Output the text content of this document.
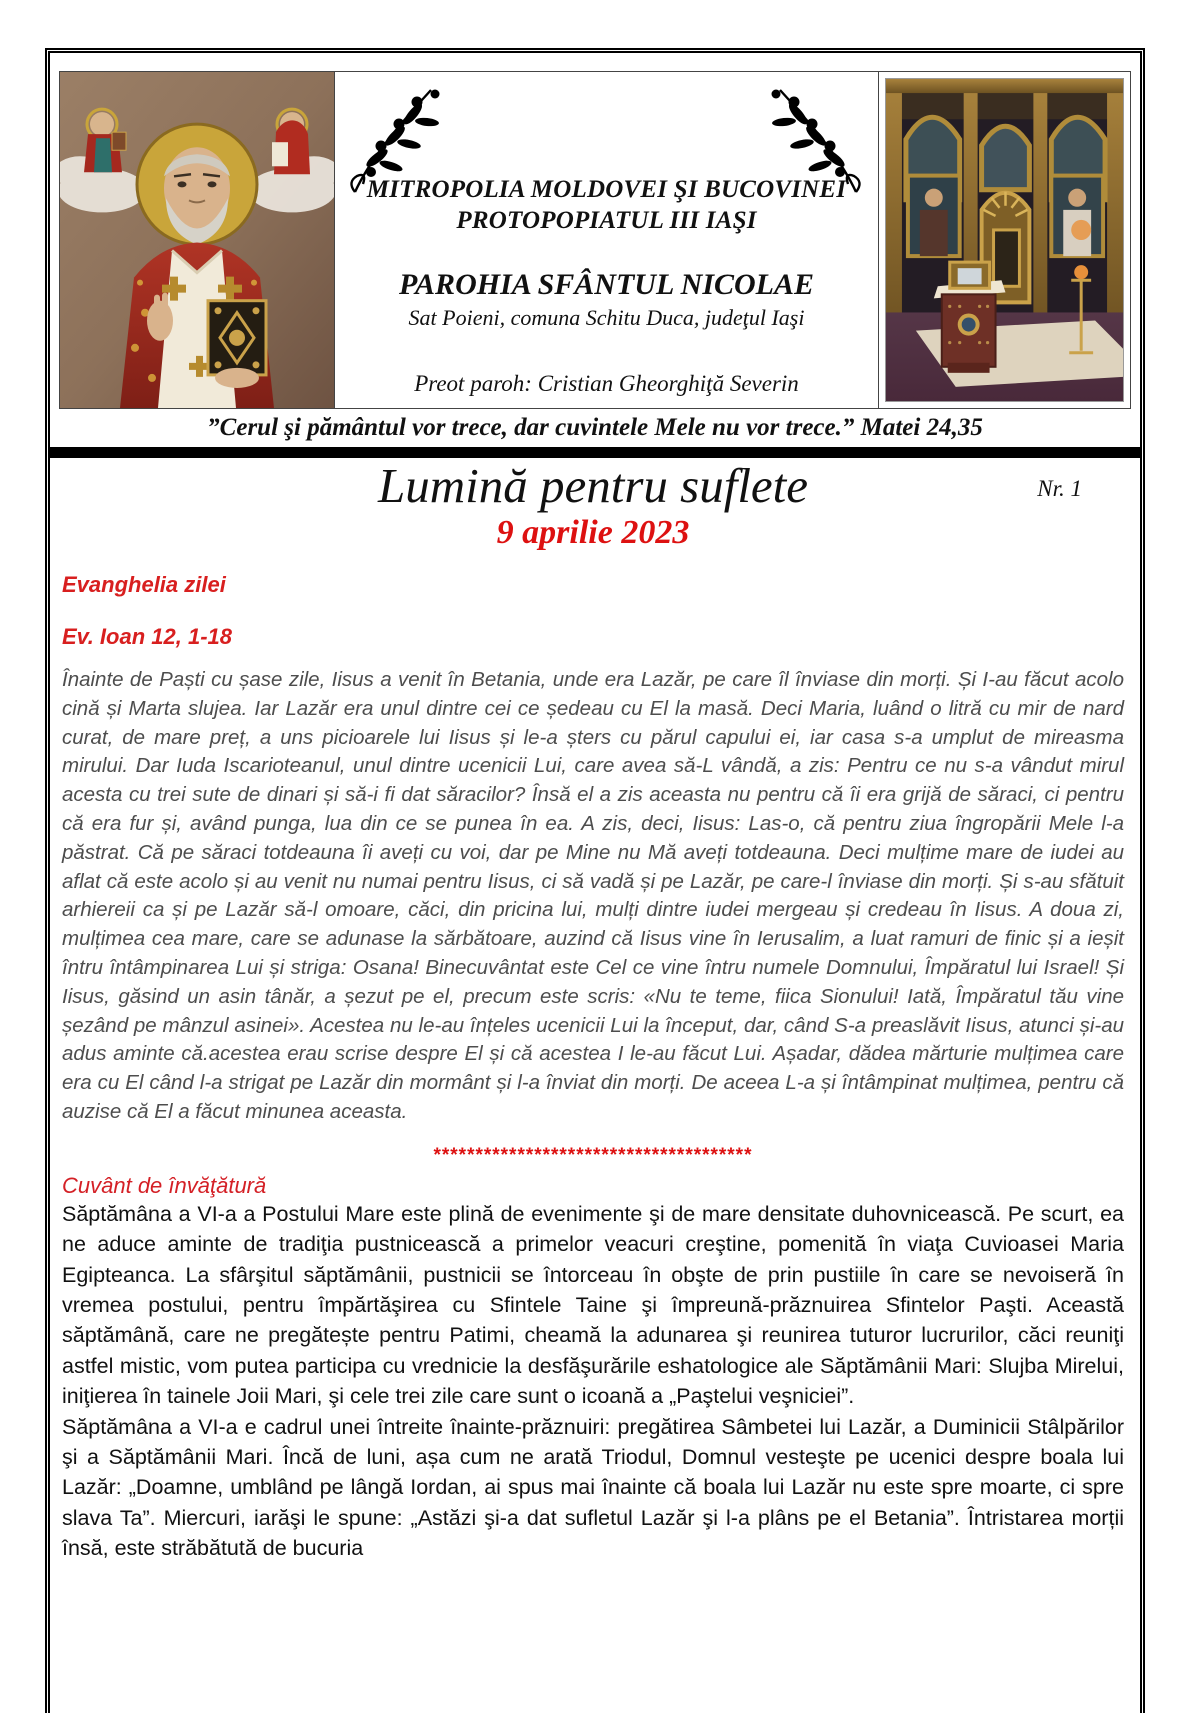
MITROPOLIA MOLDOVEI ŞI BUCOVINEI
PROTOPOPIATUL III IAŞI
PAROHIA SFÂNTUL NICOLAE
Sat Poieni, comuna Schitu Duca, judeţul Iaşi
Preot paroh: Cristian Gheorghiţă Severin
”Cerul şi pământul vor trece, dar cuvintele Mele nu vor trece.” Matei 24,35
Lumină pentru suflete	Nr. 1
9 aprilie 2023
Evanghelia zilei
Ev. Ioan 12, 1-18
Înainte de Paști cu șase zile, Iisus a venit în Betania, unde era Lazăr, pe care îl înviase din morți. Și I-au făcut acolo cină și Marta slujea. Iar Lazăr era unul dintre cei ce ședeau cu El la masă. Deci Maria, luând o litră cu mir de nard curat, de mare preț, a uns picioarele lui Iisus și le-a șters cu părul capului ei, iar casa s-a umplut de mireasma mirului. Dar Iuda Iscarioteanul, unul dintre ucenicii Lui, care avea să-L vândă, a zis: Pentru ce nu s-a vândut mirul acesta cu trei sute de dinari și să-i fi dat săracilor? Însă el a zis aceasta nu pentru că îi era grijă de săraci, ci pentru că era fur și, având punga, lua din ce se punea în ea. A zis, deci, Iisus: Las-o, că pentru ziua îngropării Mele l-a păstrat. Că pe săraci totdeauna îi aveți cu voi, dar pe Mine nu Mă aveți totdeauna. Deci mulțime mare de iudei au aflat că este acolo și au venit nu numai pentru Iisus, ci să vadă și pe Lazăr, pe care-l înviase din morți. Și s-au sfătuit arhiereii ca și pe Lazăr să-l omoare, căci, din pricina lui, mulți dintre iudei mergeau și credeau în Iisus. A doua zi, mulțimea cea mare, care se adunase la sărbătoare, auzind că Iisus vine în Ierusalim, a luat ramuri de finic și a ieșit întru întâmpinarea Lui și striga: Osana! Binecuvântat este Cel ce vine întru numele Domnului, Împăratul lui Israel! Și Iisus, găsind un asin tânăr, a șezut pe el, precum este scris: «Nu te teme, fiica Sionului! Iată, Împăratul tău vine șezând pe mânzul asinei». Acestea nu le-au înțeles ucenicii Lui la început, dar, când S-a preaslăvit Iisus, atunci și-au adus aminte că.acestea erau scrise despre El și că acestea I le-au făcut Lui. Așadar, dădea mărturie mulțimea care era cu El când l-a strigat pe Lazăr din mormânt și l-a înviat din morți. De aceea L-a și întâmpinat mulțimea, pentru că auzise că El a făcut minunea aceasta.
**************************************
Cuvânt de învăţătură

Săptămâna a VI-a a Postului Mare este plină de evenimente şi de mare densitate duhovnicească. Pe scurt, ea ne aduce aminte de tradiţia pustnicească a primelor veacuri creştine, pomenită în viaţa Cuvioasei Maria Egipteanca. La sfârşitul săptămânii, pustnicii se întorceau în obşte de prin pustiile în care se nevoiseră în vremea postului, pentru împărtăşirea cu Sfintele Taine şi împreună-prăznuirea Sfintelor Paşti. Această săptămână, care ne pregătește pentru Patimi, cheamă la adunarea şi reunirea tuturor lucrurilor, căci reuniţi astfel mistic, vom putea participa cu vrednicie la desfăşurările eshatologice ale Săptămânii Mari: Slujba Mirelui, iniţierea în tainele Joii Mari, şi cele trei zile care sunt o icoană a „Paştelui veşniciei”.

Săptămâna a VI-a e cadrul unei întreite înainte-prăznuiri: pregătirea Sâmbetei lui Lazăr, a Duminicii Stâlpărilor şi a Săptămânii Mari. Încă de luni, așa cum ne arată Triodul, Domnul vesteşte pe ucenici despre boala lui Lazăr: „Doamne, umblând pe lângă Iordan, ai spus mai înainte că boala lui Lazăr nu este spre moarte, ci spre slava Ta”. Miercuri, iarăşi le spune: „Astăzi şi-a dat sufletul Lazăr şi l-a plâns pe el Betania”. Întristarea morții însă, este străbătută de bucuria
